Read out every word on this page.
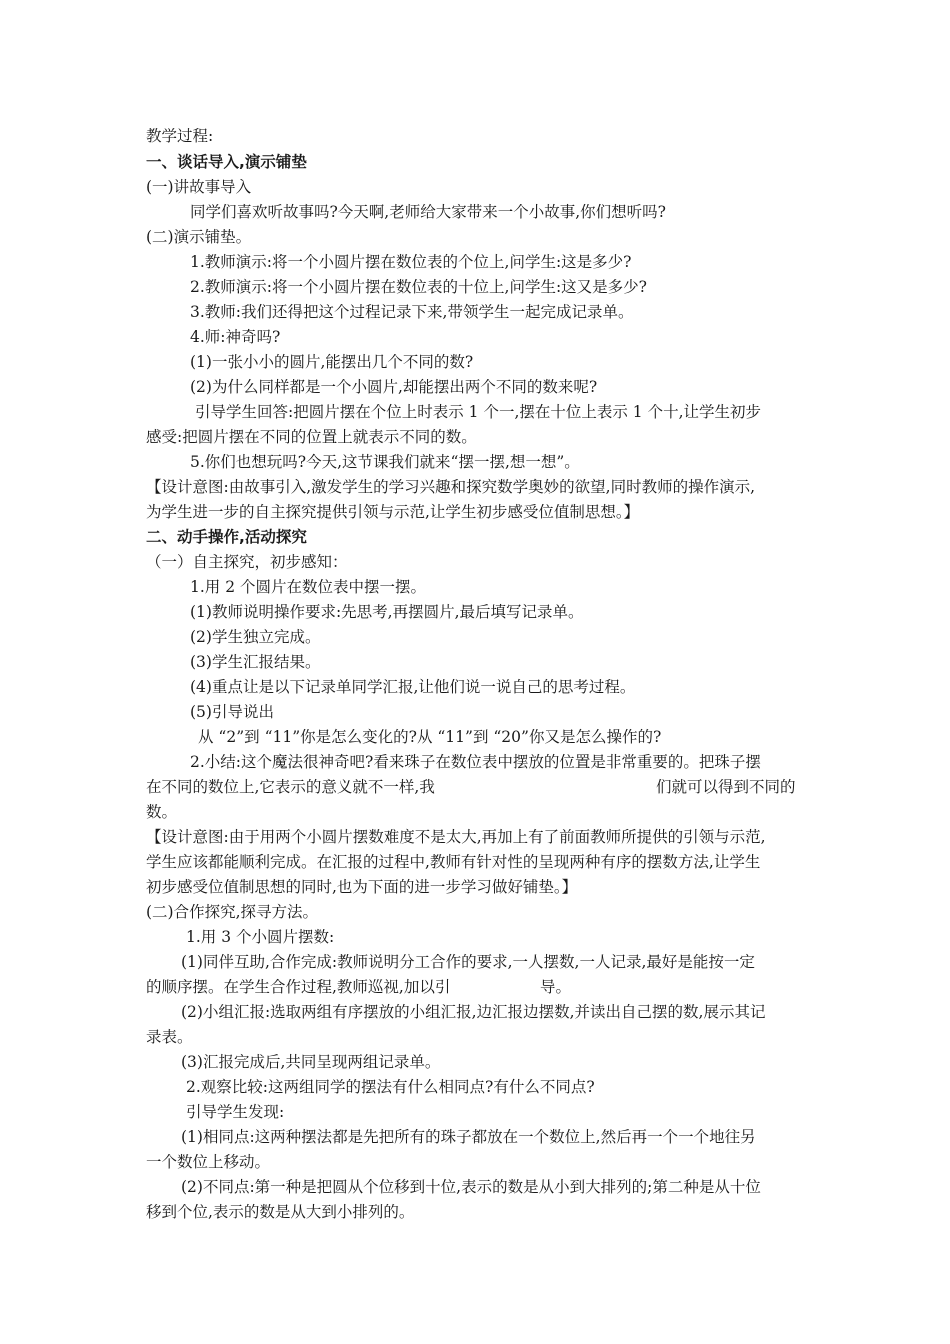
教学过程:
一、谈话导入,演示铺垫
(一)讲故事导入
同学们喜欢听故事吗?今天啊,老师给大家带来一个小故事,你们想听吗?
(二)演示铺垫。
1.教师演示:将一个小圆片摆在数位表的个位上,问学生:这是多少?
2.教师演示:将一个小圆片摆在数位表的十位上,问学生:这又是多少?
3.教师:我们还得把这个过程记录下来,带领学生一起完成记录单。
4.师:神奇吗?
(1)一张小小的圆片,能摆出几个不同的数?
(2)为什么同样都是一个小圆片,却能摆出两个不同的数来呢?
引导学生回答:把圆片摆在个位上时表示 1 个一,摆在十位上表示 1 个十,让学生初步
感受:把圆片摆在不同的位置上就表示不同的数。
5.你们也想玩吗?今天,这节课我们就来“摆一摆,想一想”。
【设计意图:由故事引入,激发学生的学习兴趣和探究数学奥妙的欲望,同时教师的操作演示,
为学生进一步的自主探究提供引领与示范,让学生初步感受位值制思想。】
二、动手操作,活动探究
（一）自主探究，初步感知：
1.用 2 个圆片在数位表中摆一摆。
(1)教师说明操作要求:先思考,再摆圆片,最后填写记录单。
(2)学生独立完成。
(3)学生汇报结果。
(4)重点让是以下记录单同学汇报,让他们说一说自己的思考过程。
(5)引导说出
从 “2”到 “11”你是怎么变化的?从 “11”到 “20”你又是怎么操作的?
2.小结:这个魔法很神奇吧?看来珠子在数位表中摆放的位置是非常重要的。把珠子摆
在不同的数位上,它表示的意义就不一样,我	们就可以得到不同的
数。
【设计意图:由于用两个小圆片摆数难度不是太大,再加上有了前面教师所提供的引领与示范,
学生应该都能顺利完成。在汇报的过程中,教师有针对性的呈现两种有序的摆数方法,让学生
初步感受位值制思想的同时,也为下面的进一步学习做好铺垫。】
(二)合作探究,探寻方法。
1.用 3 个小圆片摆数:
(1)同伴互助,合作完成:教师说明分工合作的要求,一人摆数,一人记录,最好是能按一定
的顺序摆。在学生合作过程,教师巡视,加以引	导。
(2)小组汇报:选取两组有序摆放的小组汇报,边汇报边摆数,并读出自己摆的数,展示其记
录表。
(3)汇报完成后,共同呈现两组记录单。
2.观察比较:这两组同学的摆法有什么相同点?有什么不同点?
引导学生发现:
(1)相同点:这两种摆法都是先把所有的珠子都放在一个数位上,然后再一个一个地往另
一个数位上移动。
(2)不同点:第一种是把圆从个位移到十位,表示的数是从小到大排列的;第二种是从十位
移到个位,表示的数是从大到小排列的。
